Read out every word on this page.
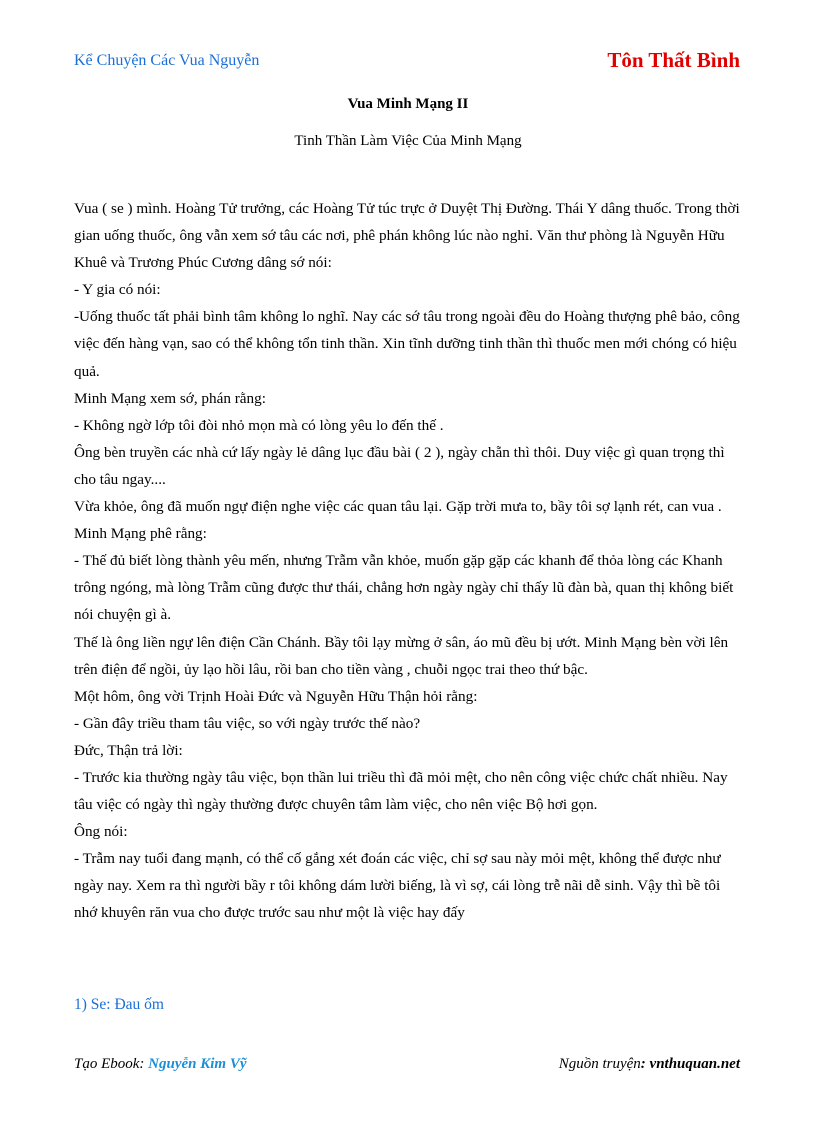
Kể Chuyện Các Vua Nguyễn	Tôn Thất Bình
Vua Minh Mạng II
Tinh Thần Làm Việc Của Minh Mạng

Vua ( se ) mình. Hoàng Tử trưởng, các Hoàng Tử túc trực ở Duyệt Thị Đường. Thái Y dâng thuốc. Trong thời gian uống thuốc, ông vẫn xem sớ tâu các nơi, phê phán không lúc nào nghỉ. Văn thư phòng là Nguyễn Hữu Khuê và Trương Phúc Cương dâng sớ nói:

- Y gia có nói:

-Uống thuốc tất phải bình tâm không lo nghĩ. Nay các sớ tâu trong ngoài đều do Hoàng thượng phê bảo, công việc đến hàng vạn, sao có thể không tổn tinh thần. Xin tĩnh dưỡng tinh thần thì thuốc men mới chóng có hiệu quả.

Minh Mạng xem sớ, phán rằng:

- Không ngờ lớp tôi đòi nhỏ mọn mà có lòng yêu lo đến thế .

Ông bèn truyền các nhà cứ lấy ngày lẻ dâng lục đầu bài ( 2 ), ngày chẵn thì thôi. Duy việc gì quan trọng thì cho tâu ngay....

Vừa khỏe, ông đã muốn ngự điện nghe việc các quan tâu lại. Gặp trời mưa to, bầy tôi sợ lạnh rét, can vua . Minh Mạng phê rằng:

- Thế đủ biết lòng thành yêu mến, nhưng Trẫm vẫn khỏe, muốn gặp gặp các khanh để thỏa lòng các Khanh trông ngóng, mà lòng Trẫm cũng được thư thái, chẳng hơn ngày ngày chỉ thấy lũ đàn bà, quan thị không biết nói chuyện gì à.

Thế là ông liền ngự lên điện Cần Chánh. Bầy tôi lạy mừng ở sân, áo mũ đều bị ướt. Minh Mạng bèn vời lên trên điện để ngồi, ủy lạo hồi lâu, rồi ban cho tiền vàng , chuỗi ngọc trai theo thứ bậc.

Một hôm, ông vời Trịnh Hoài Đức và Nguyễn Hữu Thận hỏi rằng:

- Gần đây triều tham tâu việc, so với ngày trước thế nào?

Đức, Thận trả lời:

- Trước kia thường ngày tâu việc, bọn thần lui triều thì đã mỏi mệt, cho nên công việc chức chất nhiều. Nay tâu việc có ngày thì ngày thường được chuyên tâm làm việc, cho nên việc Bộ hơi gọn.

Ông nói:

- Trẫm nay tuổi đang mạnh, có thể cố gắng xét đoán các việc, chỉ sợ sau này mỏi mệt, không thể được như ngày nay. Xem ra thì người bầy r tôi không dám lười biếng, là vì sợ, cái lòng trễ nãi dễ sinh. Vậy thì bề tôi nhớ khuyên răn vua cho được trước sau như một là việc hay đấy

1) Se: Đau ốm
Tạo Ebook: Nguyễn Kim Vỹ	Nguồn truyện: vnthuquan.net
